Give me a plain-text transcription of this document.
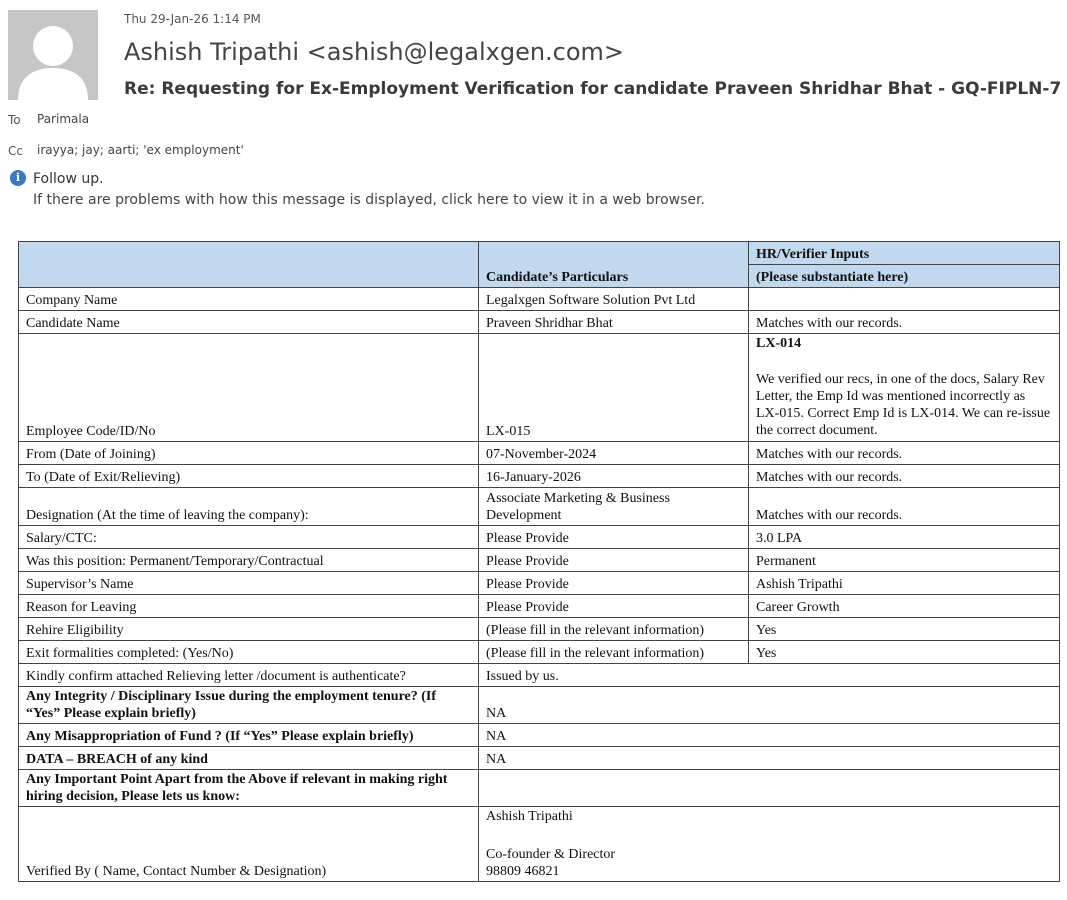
Thu 29-Jan-26 1:14 PM
Ashish Tripathi <ashish@legalxgen.com>
Re: Requesting for Ex-Employment Verification for candidate Praveen Shridhar Bhat - GQ-FIPLN-7
To Parimala
Cc irayya; jay; aarti; 'ex employment'
i Follow up.
If there are problems with how this message is displayed, click here to view it in a web browser.
	Candidate’s Particulars	HR/Verifier Inputs
		(Please substantiate here)
Company Name	Legalxgen Software Solution Pvt Ltd	
Candidate Name	Praveen Shridhar Bhat	Matches with our records.
Employee Code/ID/No	LX-015	LX-014
We verified our recs, in one of the docs, Salary Rev Letter, the Emp Id was mentioned incorrectly as LX-015. Correct Emp Id is LX-014. We can re-issue the correct document.
From (Date of Joining)	07-November-2024	Matches with our records.
To (Date of Exit/Relieving)	16-January-2026	Matches with our records.
Designation (At the time of leaving the company):	Associate Marketing & Business Development	Matches with our records.
Salary/CTC:	Please Provide	3.0 LPA
Was this position: Permanent/Temporary/Contractual	Please Provide	Permanent
Supervisor’s Name	Please Provide	Ashish Tripathi
Reason for Leaving	Please Provide	Career Growth
Rehire Eligibility	(Please fill in the relevant information)	Yes
Exit formalities completed: (Yes/No)	(Please fill in the relevant information)	Yes
Kindly confirm attached Relieving letter /document is authenticate?	Issued by us.	
Any Integrity / Disciplinary Issue during the employment tenure? (If “Yes” Please explain briefly)	NA	
Any Misappropriation of Fund ? (If “Yes” Please explain briefly)	NA	
DATA – BREACH of any kind	NA	
Any Important Point Apart from the Above if relevant in making right hiring decision, Please lets us know:		
Verified By ( Name, Contact Number & Designation)	Ashish Tripathi
Co-founder & Director
98809 46821	
